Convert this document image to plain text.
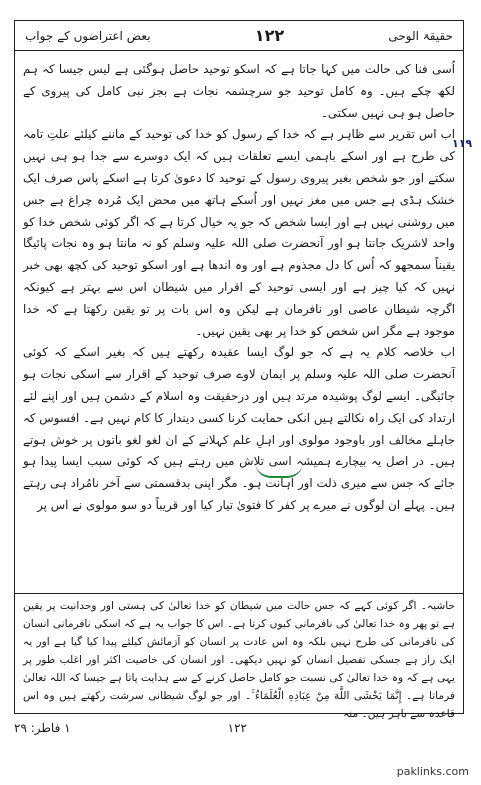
بعض اعتراضوں کے جواب	۱۲۲	حقیقۃ الوحی

اُسی فنا کی حالت میں کہا جاتا ہے کہ اسکو توحید حاصل ہوگئی ہے لیس جیسا کہ ہم لکھ چکے ہیں۔ وہ کامل توحید جو سرچشمہ نجات ہے بجز نبی کامل کی پیروی کے حاصل ہو ہی نہیں سکتی۔

اب اس تقریر سے ظاہر ہے کہ خدا کے رسول کو خدا کی توحید کے ماننے کیلئے علتِ تامہ کی طرح ہے اور اسکے باہمی ایسے تعلقات ہیں کہ ایک دوسرے سے جدا ہو ہی نہیں سکتے اور جو شخص بغیر پیروی رسول کے توحید کا دعویٰ کرتا ہے اسکے پاس صرف ایک خشک ہڈی ہے جس میں مغز نہیں اور اُسکے ہاتھ میں محض ایک مُردہ چراغ ہے جس میں روشنی نہیں ہے اور ایسا شخص کہ جو یہ خیال کرتا ہے کہ اگر کوئی شخص خدا کو واحد لاشریک جانتا ہو اور آنحضرت صلی اللہ علیہ وسلم کو نہ مانتا ہو وہ نجات پائیگا یقیناً سمجھو کہ اُس کا دل مجذوم ہے اور وہ اندھا ہے اور اسکو توحید کی کچھ بھی خبر نہیں کہ کیا چیز ہے اور ایسی توحید کے اقرار میں شیطان اس سے بہتر ہے کیونکہ اگرچہ شیطان عاصی اور نافرمان ہے لیکن وہ اس بات پر تو یقین رکھتا ہے کہ خدا موجود ہے مگر اس شخص کو خدا پر بھی یقین نہیں۔

اب خلاصہ کلام یہ ہے کہ جو لوگ ایسا عقیدہ رکھتے ہیں کہ بغیر اسکے کہ کوئی آنحضرت صلی اللہ علیہ وسلم پر ایمان لاوے صرف توحید کے اقرار سے اسکی نجات ہو جائیگی۔ ایسے لوگ پوشیدہ مرتد ہیں اور درحقیقت وہ اسلام کے دشمن ہیں اور اپنے لئے ارتداد کی ایک راہ نکالتے ہیں انکی حمایت کرنا کسی دیندار کا کام نہیں ہے۔ افسوس کہ جاہلے مخالف اور باوجود مولوی اور اہلِ علم کہلانے کے ان لغو لغو باتوں پر خوش ہوتے ہیں۔ در اصل یہ بیچارے ہمیشہ اسی تلاش میں رہتے ہیں کہ کوئی سبب ایسا پیدا ہو جائے کہ جس سے میری ذلت اور اہانت ہو۔ مگر اپنی بدقسمتی سے آخر نامُراد ہی رہتے ہیں۔ پہلے ان لوگوں نے میرے پر کفر کا فتویٰ تیار کیا اور قریباً دو سو مولوی نے اس پر

حاشیہ۔ اگر کوئی کہے کہ جس حالت میں شیطان کو خدا تعالیٰ کی ہستی اور وحدانیت پر یقین ہے تو پھر وہ خدا تعالیٰ کی نافرمانی کیوں کرتا ہے۔ اس کا جواب یہ ہے کہ اسکی نافرمانی انسان کی نافرمانی کی طرح نہیں بلکہ وہ اس عادت پر انسان کو آزمائش کیلئے پیدا کیا گیا ہے اور یہ ایک راز ہے جسکی تفصیل انسان کو نہیں دیکھی۔ اور انسان کی خاصیت اکثر اور اغلب طور پر یہی ہے کہ وہ خدا تعالیٰ کی نسبت جو کامل حاصل کرنے کے سے ہدایت پاتا ہے جیسا کہ اللہ تعالیٰ فرماتا ہے۔ إِنَّمَا يَخْشَى اللَّهَ مِنْ عِبَادِهِ الْعُلَمَاءُ ۚ۔ اور جو لوگ شیطانی سرشت رکھتے ہیں وہ اس قاعدہ سے باہر ہیں۔ منہ
۱۱۹
۱ فاطر: ۲۹	۱۲۲
paklinks.com
